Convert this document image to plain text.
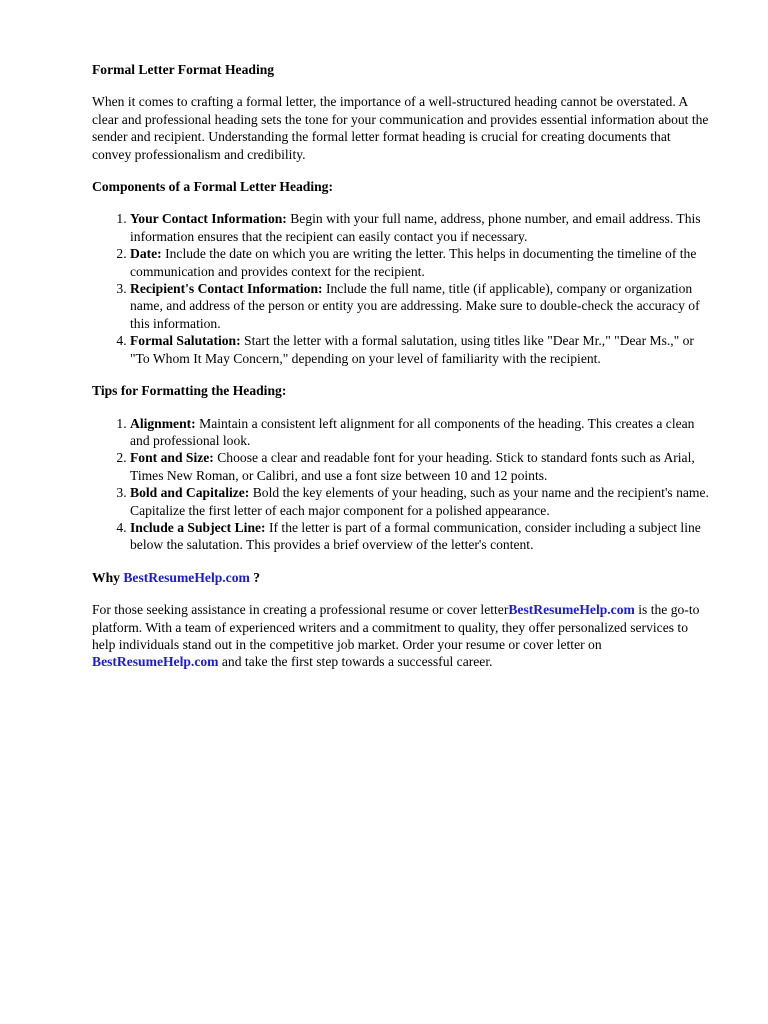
Formal Letter Format Heading

When it comes to crafting a formal letter, the importance of a well-structured heading cannot be overstated. A clear and professional heading sets the tone for your communication and provides essential information about the sender and recipient. Understanding the formal letter format heading is crucial for creating documents that convey professionalism and credibility.

Components of a Formal Letter Heading:
1. Your Contact Information: Begin with your full name, address, phone number, and email address. This information ensures that the recipient can easily contact you if necessary.
2. Date: Include the date on which you are writing the letter. This helps in documenting the timeline of the communication and provides context for the recipient.
3. Recipient's Contact Information: Include the full name, title (if applicable), company or organization name, and address of the person or entity you are addressing. Make sure to double-check the accuracy of this information.
4. Formal Salutation: Start the letter with a formal salutation, using titles like "Dear Mr.," "Dear Ms.," or "To Whom It May Concern," depending on your level of familiarity with the recipient.
Tips for Formatting the Heading:
1. Alignment: Maintain a consistent left alignment for all components of the heading. This creates a clean and professional look.
2. Font and Size: Choose a clear and readable font for your heading. Stick to standard fonts such as Arial, Times New Roman, or Calibri, and use a font size between 10 and 12 points.
3. Bold and Capitalize: Bold the key elements of your heading, such as your name and the recipient's name. Capitalize the first letter of each major component for a polished appearance.
4. Include a Subject Line: If the letter is part of a formal communication, consider including a subject line below the salutation. This provides a brief overview of the letter's content.
Why BestResumeHelp.com ?

For those seeking assistance in creating a professional resume or cover letterBestResumeHelp.com is the go-to platform. With a team of experienced writers and a commitment to quality, they offer personalized services to help individuals stand out in the competitive job market. Order your resume or cover letter on BestResumeHelp.com and take the first step towards a successful career.
